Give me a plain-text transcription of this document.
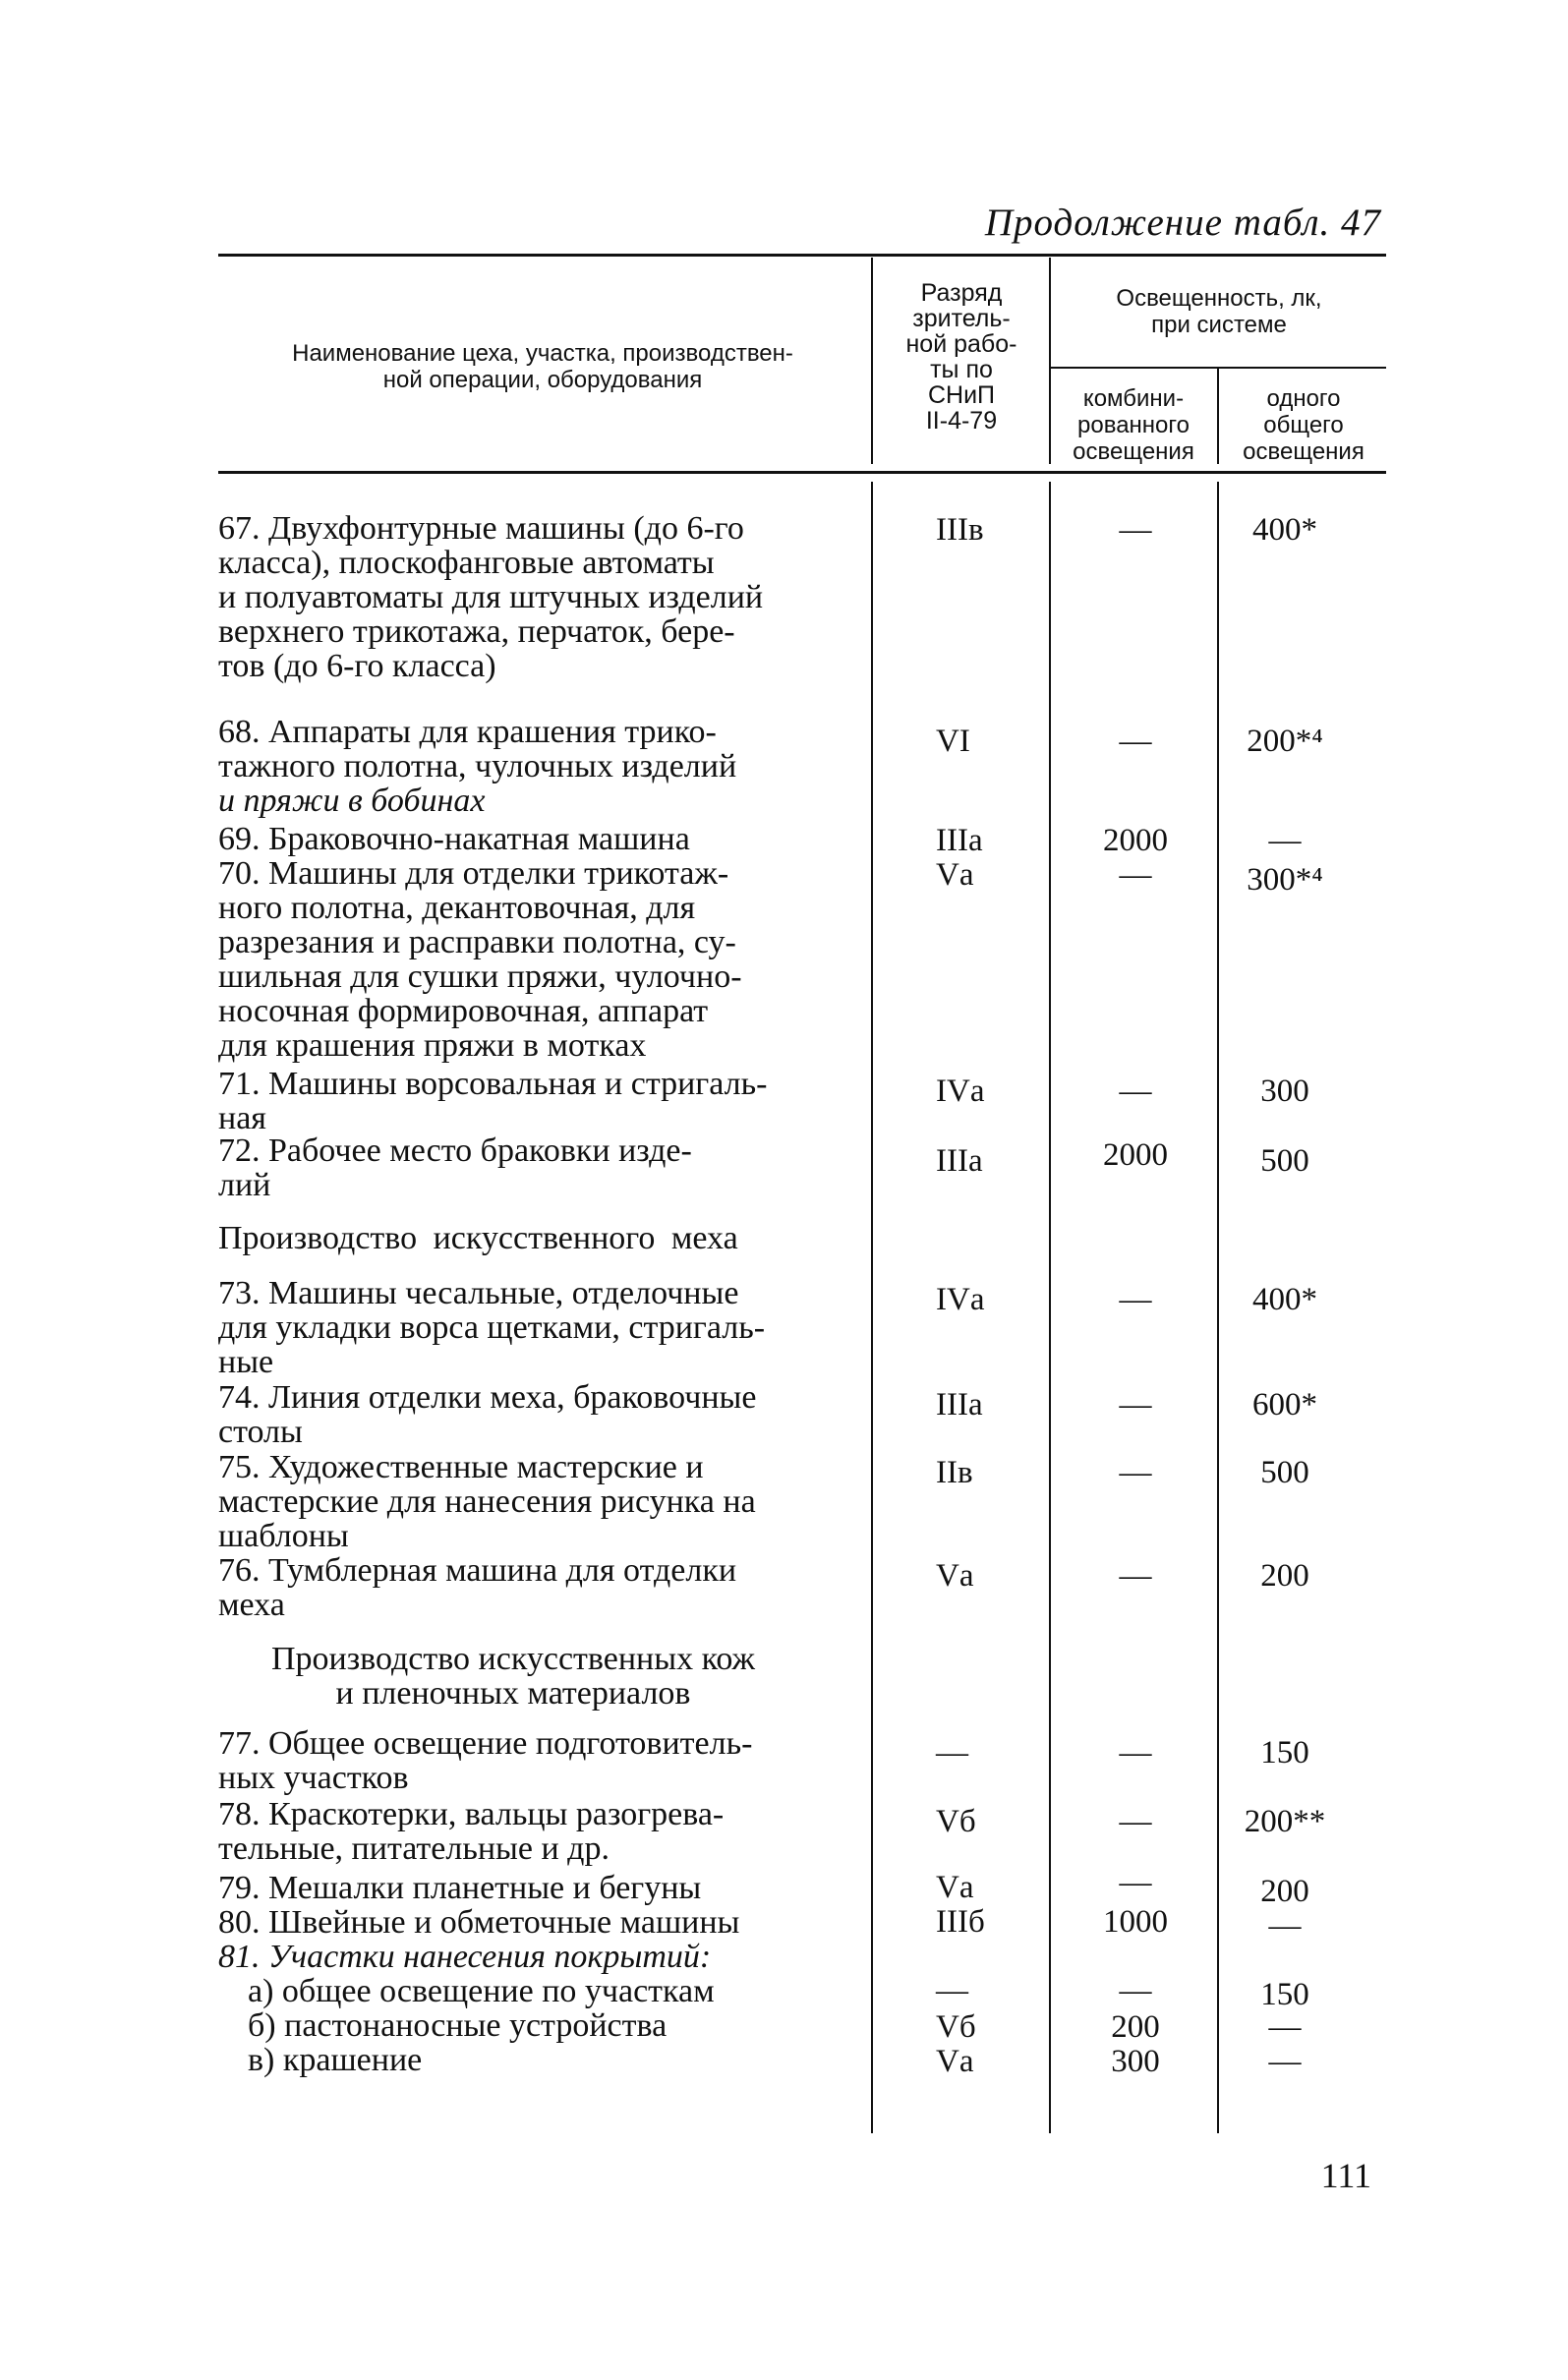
Продолжение табл. 47
Наименование цеха, участка, производствен-
ной операции, оборудования
Разряд
зритель-
ной рабо-
ты по
СНиП
II-4-79
Освещенность, лк,
при системе
комбини-
рованного
освещения
одного
общего
освещения
67. Двухфонтурные машины (до 6-го
класса), плоскофанговые автоматы
и полуавтоматы для штучных изделий
верхнего трикотажа, перчаток, бере-
тов (до 6-го класса)
IIIв	—	400*
68. Аппараты для крашения трико-
тажного полотна, чулочных изделий
и пряжи в бобинах
VI	—	200*⁴
69. Браковочно-накатная машина	IIIа	2000	—
70. Машины для отделки трикотаж-
ного полотна, декантовочная, для
разрезания и расправки полотна, су-
шильная для сушки пряжи, чулочно-
носочная формировочная, аппарат
для крашения пряжи в мотках
Vа	—	300*⁴
71. Машины ворсовальная и стригаль-
ная
IVа	—	300
72. Рабочее место браковки изде-
лий
IIIа	2000	500
Производство искусственного меха
73. Машины чесальные, отделочные
для укладки ворса щетками, стригаль-
ные
IVа	—	400*
74. Линия отделки меха, браковочные
столы
IIIа	—	600*
75. Художественные мастерские и
мастерские для нанесения рисунка на
шаблоны
IIв	—	500
76. Тумблерная машина для отделки
меха
Vа	—	200
Производство искусственных кож
и пленочных материалов
77. Общее освещение подготовитель-
ных участков
—	—	150
78. Краскотерки, вальцы разогрева-
тельные, питательные и др.
Vб	—	200**
79. Мешалки планетные и бегуны	Vа	—	200
80. Швейные и обметочные машины	IIIб	1000	—
81. Участки нанесения покрытий:
а) общее освещение по участкам	—	—	150
б) пастонаносные устройства	Vб	200	—
в) крашение	Vа	300	—
111
